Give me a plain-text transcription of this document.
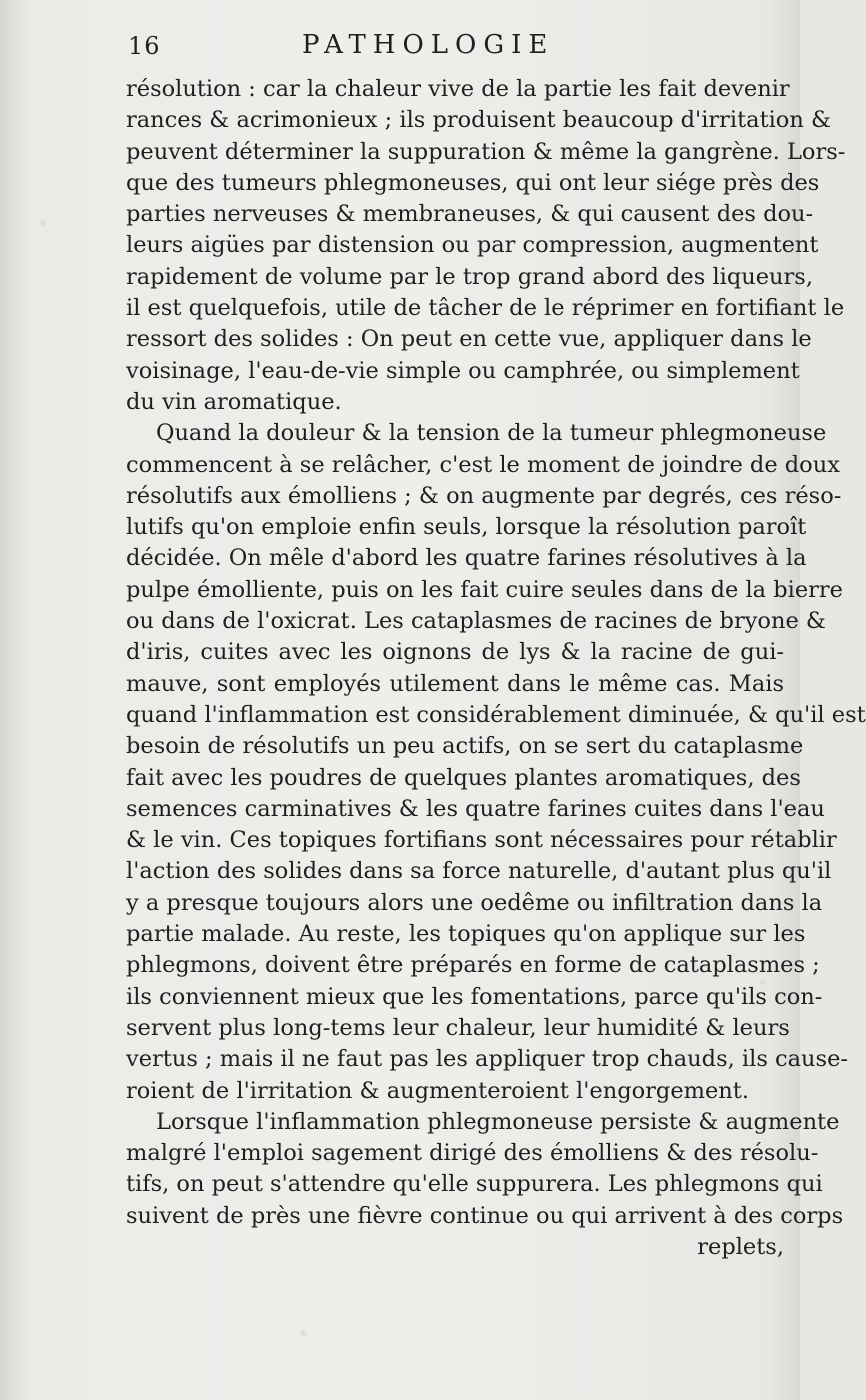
16	PATHOLOGIE
résolution : car la chaleur vive de la partie les fait devenir
rances & acrimonieux ; ils produisent beaucoup d'irritation &
peuvent déterminer la suppuration & même la gangrène. Lors-
que des tumeurs phlegmoneuses, qui ont leur siége près des
parties nerveuses & membraneuses, & qui causent des dou-
leurs aigües par distension ou par compression, augmentent
rapidement de volume par le trop grand abord des liqueurs,
il est quelquefois, utile de tâcher de le réprimer en fortifiant le
ressort des solides : On peut en cette vue, appliquer dans le
voisinage, l'eau-de-vie simple ou camphrée, ou simplement
du vin aromatique.
Quand la douleur & la tension de la tumeur phlegmoneuse
commencent à se relâcher, c'est le moment de joindre de doux
résolutifs aux émolliens ; & on augmente par degrés, ces réso-
lutifs qu'on emploie enfin seuls, lorsque la résolution paroît
décidée. On mêle d'abord les quatre farines résolutives à la
pulpe émolliente, puis on les fait cuire seules dans de la bierre
ou dans de l'oxicrat. Les cataplasmes de racines de bryone &
d'iris, cuites avec les oignons de lys & la racine de gui-
mauve, sont employés utilement dans le même cas. Mais
quand l'inflammation est considérablement diminuée, & qu'il est
besoin de résolutifs un peu actifs, on se sert du cataplasme
fait avec les poudres de quelques plantes aromatiques, des
semences carminatives & les quatre farines cuites dans l'eau
& le vin. Ces topiques fortifians sont nécessaires pour rétablir
l'action des solides dans sa force naturelle, d'autant plus qu'il
y a presque toujours alors une oedême ou infiltration dans la
partie malade. Au reste, les topiques qu'on applique sur les
phlegmons, doivent être préparés en forme de cataplasmes ;
ils conviennent mieux que les fomentations, parce qu'ils con-
servent plus long-tems leur chaleur, leur humidité & leurs
vertus ; mais il ne faut pas les appliquer trop chauds, ils cause-
roient de l'irritation & augmenteroient l'engorgement.
Lorsque l'inflammation phlegmoneuse persiste & augmente
malgré l'emploi sagement dirigé des émolliens & des résolu-
tifs, on peut s'attendre qu'elle suppurera. Les phlegmons qui
suivent de près une fièvre continue ou qui arrivent à des corps
replets,
